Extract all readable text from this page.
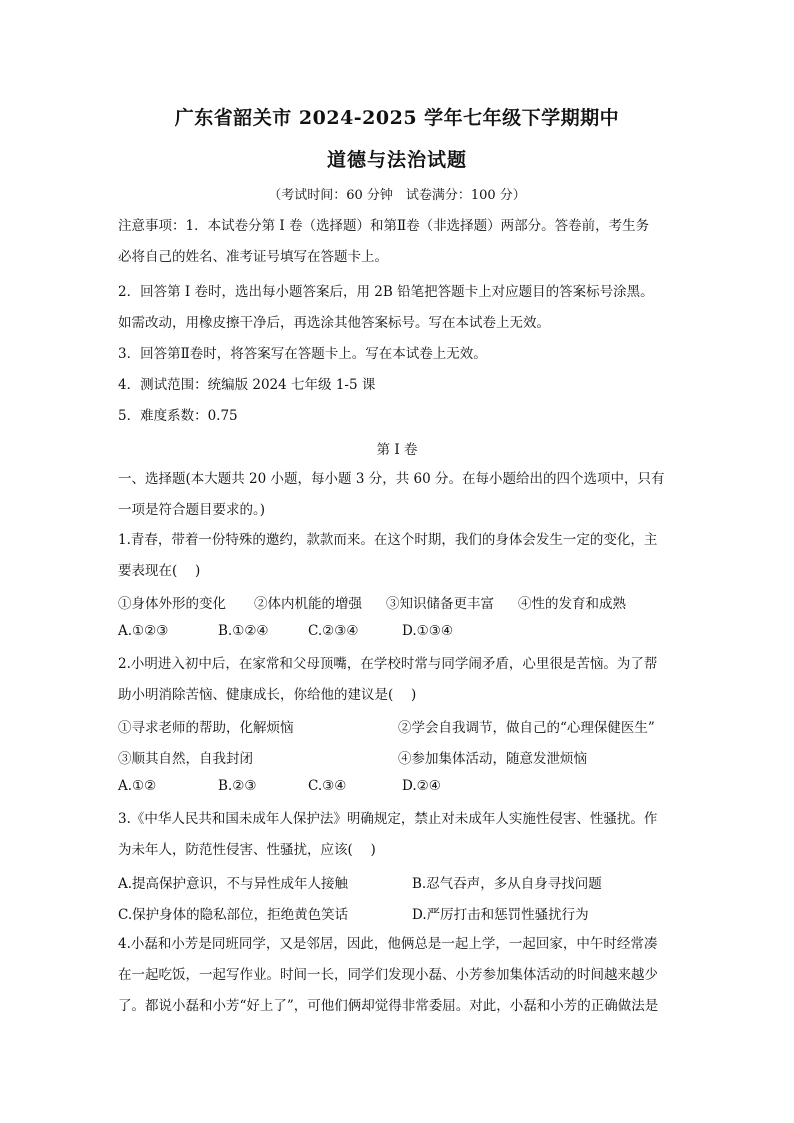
广东省韶关市 2024-2025 学年七年级下学期期中
道德与法治试题
（考试时间：60 分钟　试卷满分：100 分）
注意事项：1．本试卷分第 I 卷（选择题）和第Ⅱ卷（非选择题）两部分。答卷前，考生务
必将自己的姓名、准考证号填写在答题卡上。
2．回答第 I 卷时，选出每小题答案后，用 2B 铅笔把答题卡上对应题目的答案标号涂黑。
如需改动，用橡皮擦干净后，再选涂其他答案标号。写在本试卷上无效。
3．回答第Ⅱ卷时，将答案写在答题卡上。写在本试卷上无效。
4．测试范围：统编版 2024 七年级 1-5 课
5．难度系数：0.75
第 I 卷
一、选择题(本大题共 20 小题，每小题 3 分，共 60 分。在每小题给出的四个选项中，只有
一项是符合题目要求的。)
1.青春，带着一份特殊的邀约，款款而来。在这个时期，我们的身体会发生一定的变化，主
要表现在(　 )
①身体外形的变化 ②体内机能的增强 ③知识储备更丰富 ④性的发育和成熟
A.①②③	B.①②④	C.②③④	D.①③④
2.小明进入初中后，在家常和父母顶嘴，在学校时常与同学闹矛盾，心里很是苦恼。为了帮
助小明消除苦恼、健康成长，你给他的建议是(　 )
①寻求老师的帮助，化解烦恼	②学会自我调节，做自己的“心理保健医生”
③顺其自然，自我封闭	④参加集体活动，随意发泄烦恼
A.①②	B.②③	C.③④	D.②④
3.《中华人民共和国未成年人保护法》明确规定，禁止对未成年人实施性侵害、性骚扰。作
为未年人，防范性侵害、性骚扰，应该(　 )
A.提高保护意识，不与异性成年人接触	B.忍气吞声，多从自身寻找问题
C.保护身体的隐私部位，拒绝黄色笑话	D.严厉打击和惩罚性骚扰行为
4.小磊和小芳是同班同学，又是邻居，因此，他俩总是一起上学，一起回家，中午时经常凑
在一起吃饭，一起写作业。时间一长，同学们发现小磊、小芳参加集体活动的时间越来越少
了。都说小磊和小芳“好上了”，可他们俩却觉得非常委屈。对此，小磊和小芳的正确做法是
